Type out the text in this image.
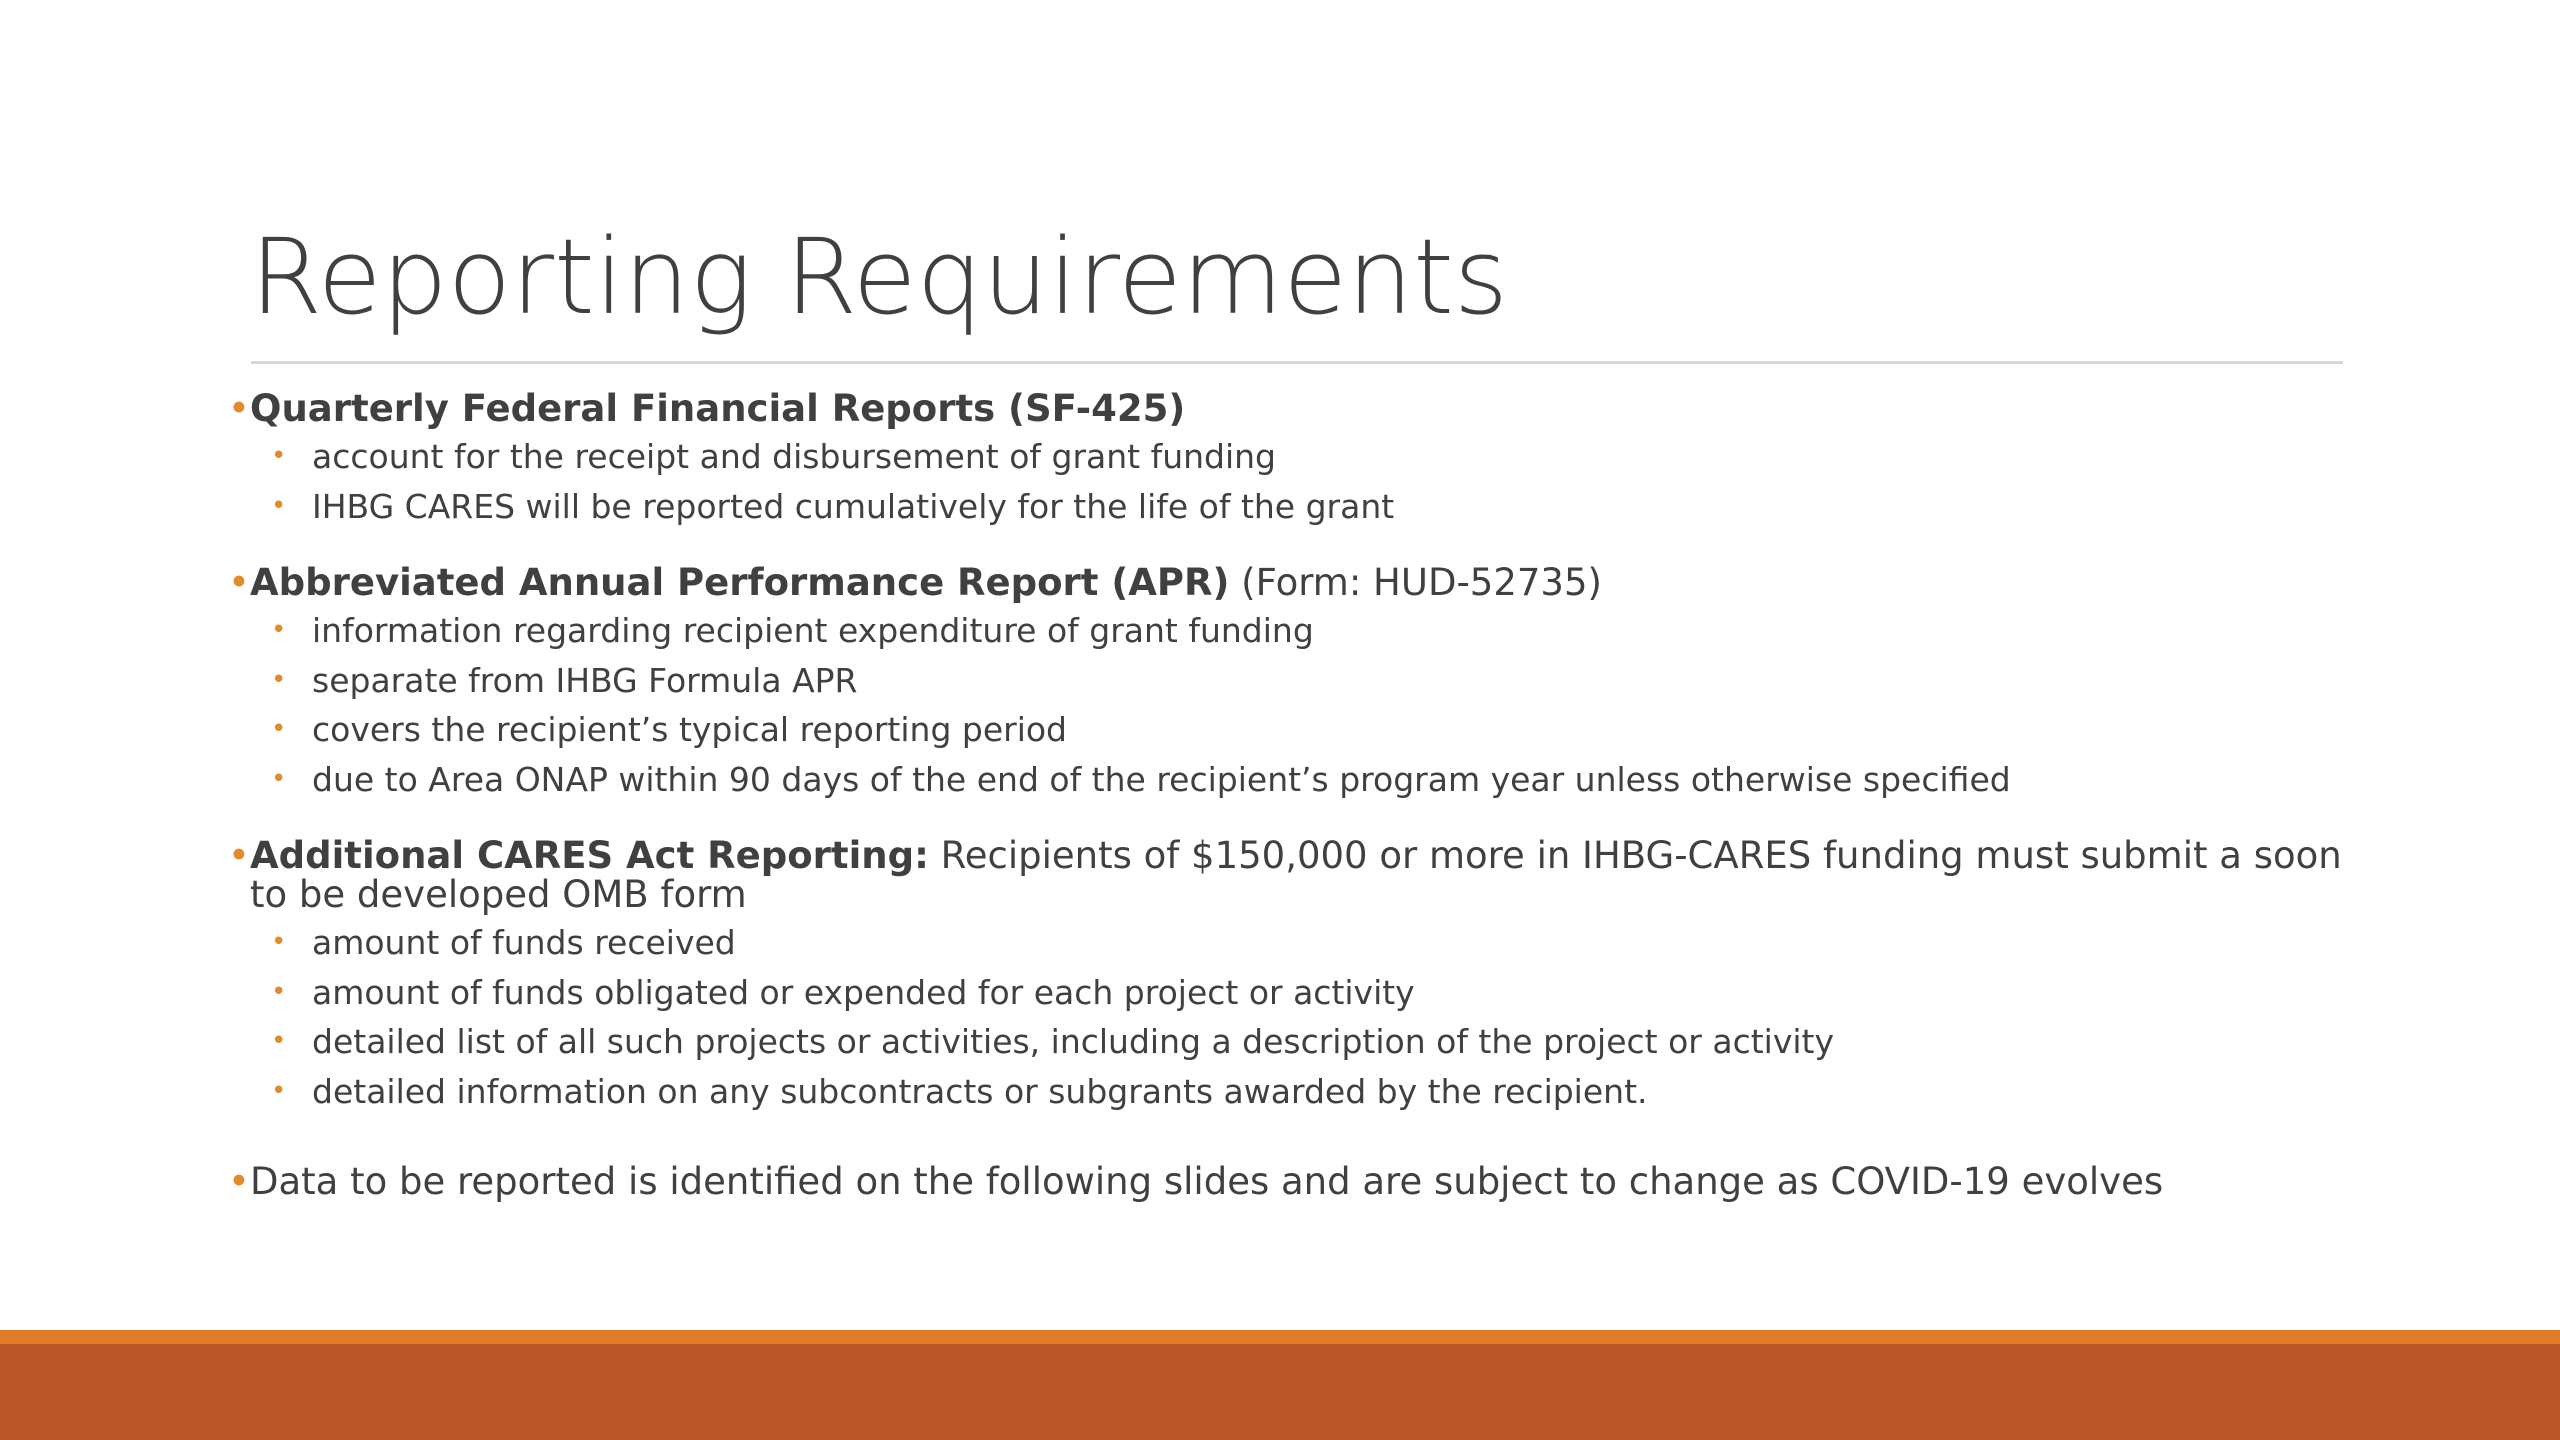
Reporting Requirements
• Quarterly Federal Financial Reports (SF-425)
• account for the receipt and disbursement of grant funding
• IHBG CARES will be reported cumulatively for the life of the grant
• Abbreviated Annual Performance Report (APR) (Form: HUD-52735)
• information regarding recipient expenditure of grant funding
• separate from IHBG Formula APR
• covers the recipient’s typical reporting period
• due to Area ONAP within 90 days of the end of the recipient’s program year unless otherwise specified
• Additional CARES Act Reporting: Recipients of $150,000 or more in IHBG-CARES funding must submit a soon to be developed OMB form
• amount of funds received
• amount of funds obligated or expended for each project or activity
• detailed list of all such projects or activities, including a description of the project or activity
• detailed information on any subcontracts or subgrants awarded by the recipient.
• Data to be reported is identified on the following slides and are subject to change as COVID-19 evolves
